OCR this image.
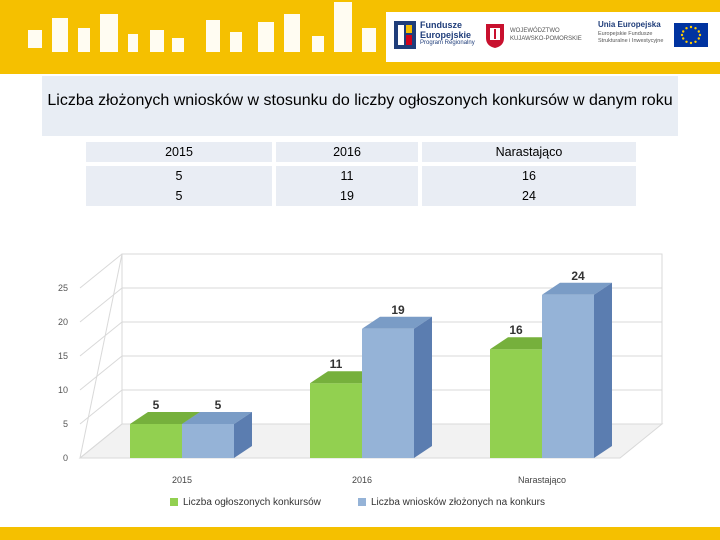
Fundusze
Europejskie
Program Regionalny
WOJEWÓDZTWO
KUJAWSKO-POMORSKIE
Unia Europejska
Europejskie Fundusze
Strukturalne i Inwestycyjne
Liczba złożonych wniosków w stosunku do liczby ogłoszonych konkursów w danym roku
2015	2016	Narastająco
5	11	16
5	19	24
0
5
10
15
20
25
5	5
2015
11
19
2016
16
24
Narastająco
Liczba ogłoszonych konkursów	Liczba wniosków złożonych na konkurs
